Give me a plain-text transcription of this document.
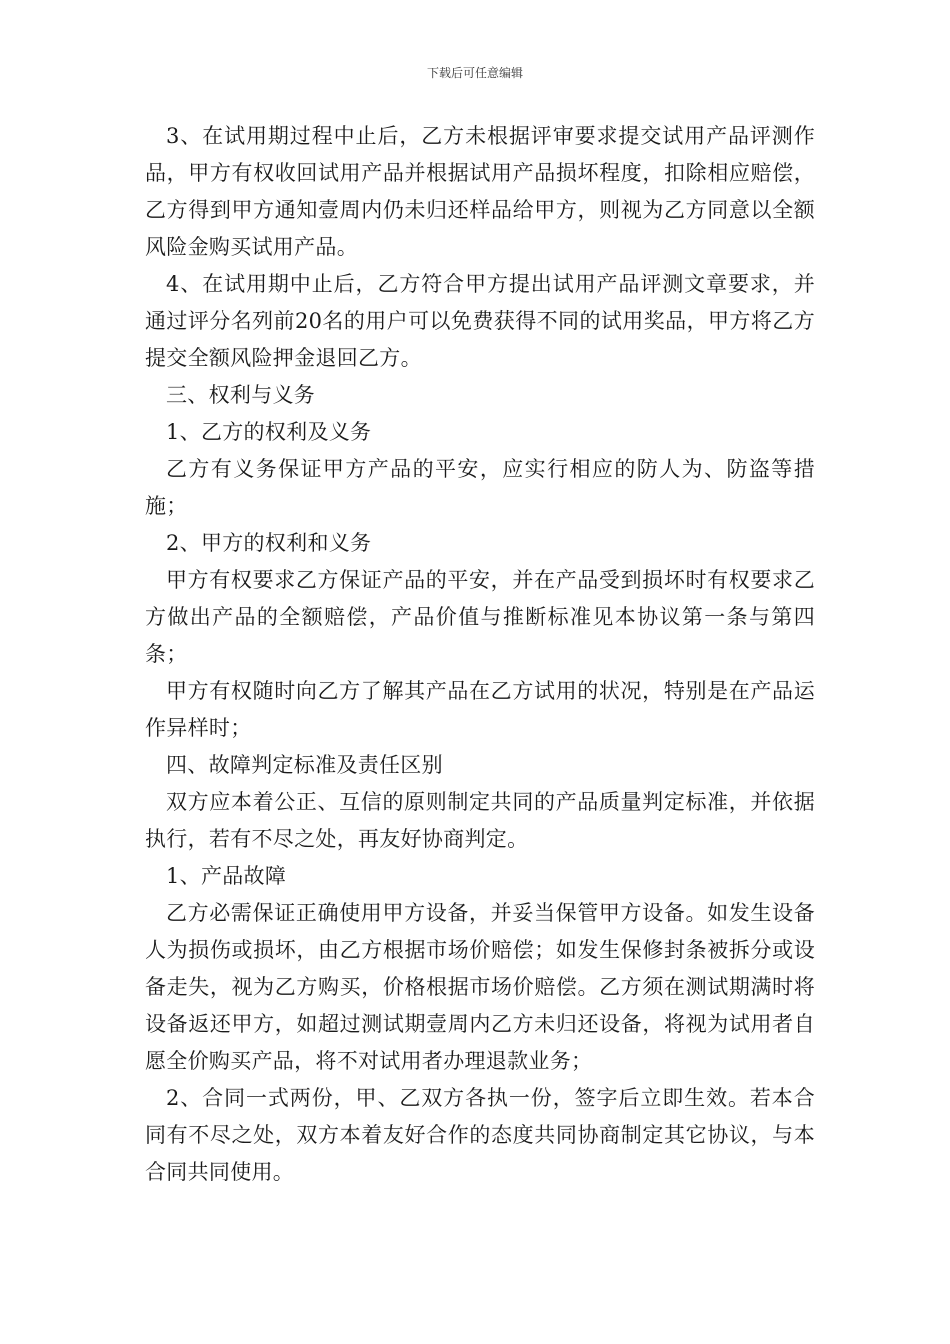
下载后可任意编辑

3、在试用期过程中止后，乙方未根据评审要求提交试用产品评测作品，甲方有权收回试用产品并根据试用产品损坏程度，扣除相应赔偿，乙方得到甲方通知壹周内仍未归还样品给甲方，则视为乙方同意以全额风险金购买试用产品。

4、在试用期中止后，乙方符合甲方提出试用产品评测文章要求，并通过评分名列前20名的用户可以免费获得不同的试用奖品，甲方将乙方提交全额风险押金退回乙方。

三、权利与义务

1、乙方的权利及义务

乙方有义务保证甲方产品的平安，应实行相应的防人为、防盗等措施；

2、甲方的权利和义务

甲方有权要求乙方保证产品的平安，并在产品受到损坏时有权要求乙方做出产品的全额赔偿，产品价值与推断标准见本协议第一条与第四条；

甲方有权随时向乙方了解其产品在乙方试用的状况，特别是在产品运作异样时；

四、故障判定标准及责任区别

双方应本着公正、互信的原则制定共同的产品质量判定标准，并依据执行，若有不尽之处，再友好协商判定。

1、产品故障

乙方必需保证正确使用甲方设备，并妥当保管甲方设备。如发生设备人为损伤或损坏，由乙方根据市场价赔偿；如发生保修封条被拆分或设备走失，视为乙方购买，价格根据市场价赔偿。乙方须在测试期满时将设备返还甲方，如超过测试期壹周内乙方未归还设备，将视为试用者自愿全价购买产品，将不对试用者办理退款业务；

2、合同一式两份，甲、乙双方各执一份，签字后立即生效。若本合同有不尽之处，双方本着友好合作的态度共同协商制定其它协议，与本合同共同使用。
